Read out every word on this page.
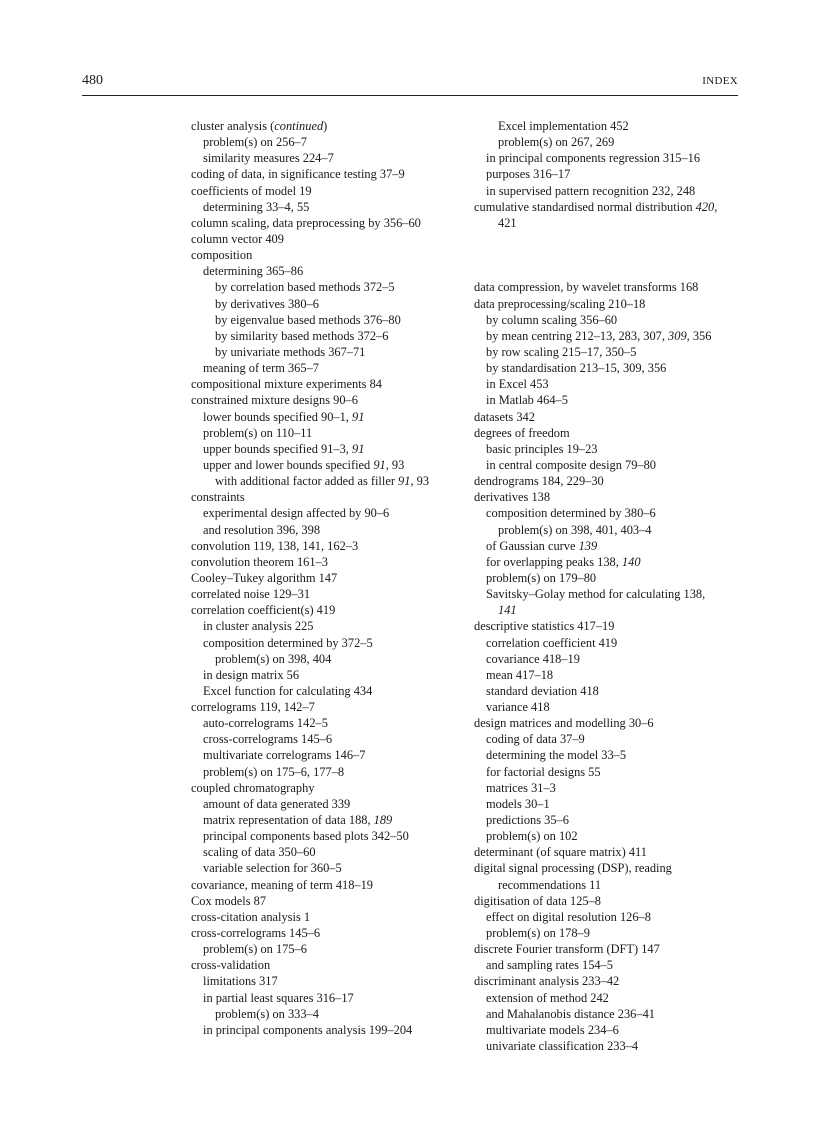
480	INDEX
cluster analysis (continued)
problem(s) on 256–7
similarity measures 224–7
coding of data, in significance testing 37–9
coefficients of model 19
determining 33–4, 55
column scaling, data preprocessing by 356–60
column vector 409
composition
determining 365–86
by correlation based methods 372–5
by derivatives 380–6
by eigenvalue based methods 376–80
by similarity based methods 372–6
by univariate methods 367–71
meaning of term 365–7
compositional mixture experiments 84
constrained mixture designs 90–6
lower bounds specified 90–1, 91
problem(s) on 110–11
upper bounds specified 91–3, 91
upper and lower bounds specified 91, 93
with additional factor added as filler 91, 93
constraints
experimental design affected by 90–6
and resolution 396, 398
convolution 119, 138, 141, 162–3
convolution theorem 161–3
Cooley–Tukey algorithm 147
correlated noise 129–31
correlation coefficient(s) 419
in cluster analysis 225
composition determined by 372–5
problem(s) on 398, 404
in design matrix 56
Excel function for calculating 434
correlograms 119, 142–7
auto-correlograms 142–5
cross-correlograms 145–6
multivariate correlograms 146–7
problem(s) on 175–6, 177–8
coupled chromatography
amount of data generated 339
matrix representation of data 188, 189
principal components based plots 342–50
scaling of data 350–60
variable selection for 360–5
covariance, meaning of term 418–19
Cox models 87
cross-citation analysis 1
cross-correlograms 145–6
problem(s) on 175–6
cross-validation
limitations 317
in partial least squares 316–17
problem(s) on 333–4
in principal components analysis 199–204
Excel implementation 452
problem(s) on 267, 269
in principal components regression 315–16
purposes 316–17
in supervised pattern recognition 232, 248
cumulative standardised normal distribution 420,
421
data compression, by wavelet transforms 168
data preprocessing/scaling 210–18
by column scaling 356–60
by mean centring 212–13, 283, 307, 309, 356
by row scaling 215–17, 350–5
by standardisation 213–15, 309, 356
in Excel 453
in Matlab 464–5
datasets 342
degrees of freedom
basic principles 19–23
in central composite design 79–80
dendrograms 184, 229–30
derivatives 138
composition determined by 380–6
problem(s) on 398, 401, 403–4
of Gaussian curve 139
for overlapping peaks 138, 140
problem(s) on 179–80
Savitsky–Golay method for calculating 138,
141
descriptive statistics 417–19
correlation coefficient 419
covariance 418–19
mean 417–18
standard deviation 418
variance 418
design matrices and modelling 30–6
coding of data 37–9
determining the model 33–5
for factorial designs 55
matrices 31–3
models 30–1
predictions 35–6
problem(s) on 102
determinant (of square matrix) 411
digital signal processing (DSP), reading
recommendations 11
digitisation of data 125–8
effect on digital resolution 126–8
problem(s) on 178–9
discrete Fourier transform (DFT) 147
and sampling rates 154–5
discriminant analysis 233–42
extension of method 242
and Mahalanobis distance 236–41
multivariate models 234–6
univariate classification 233–4
